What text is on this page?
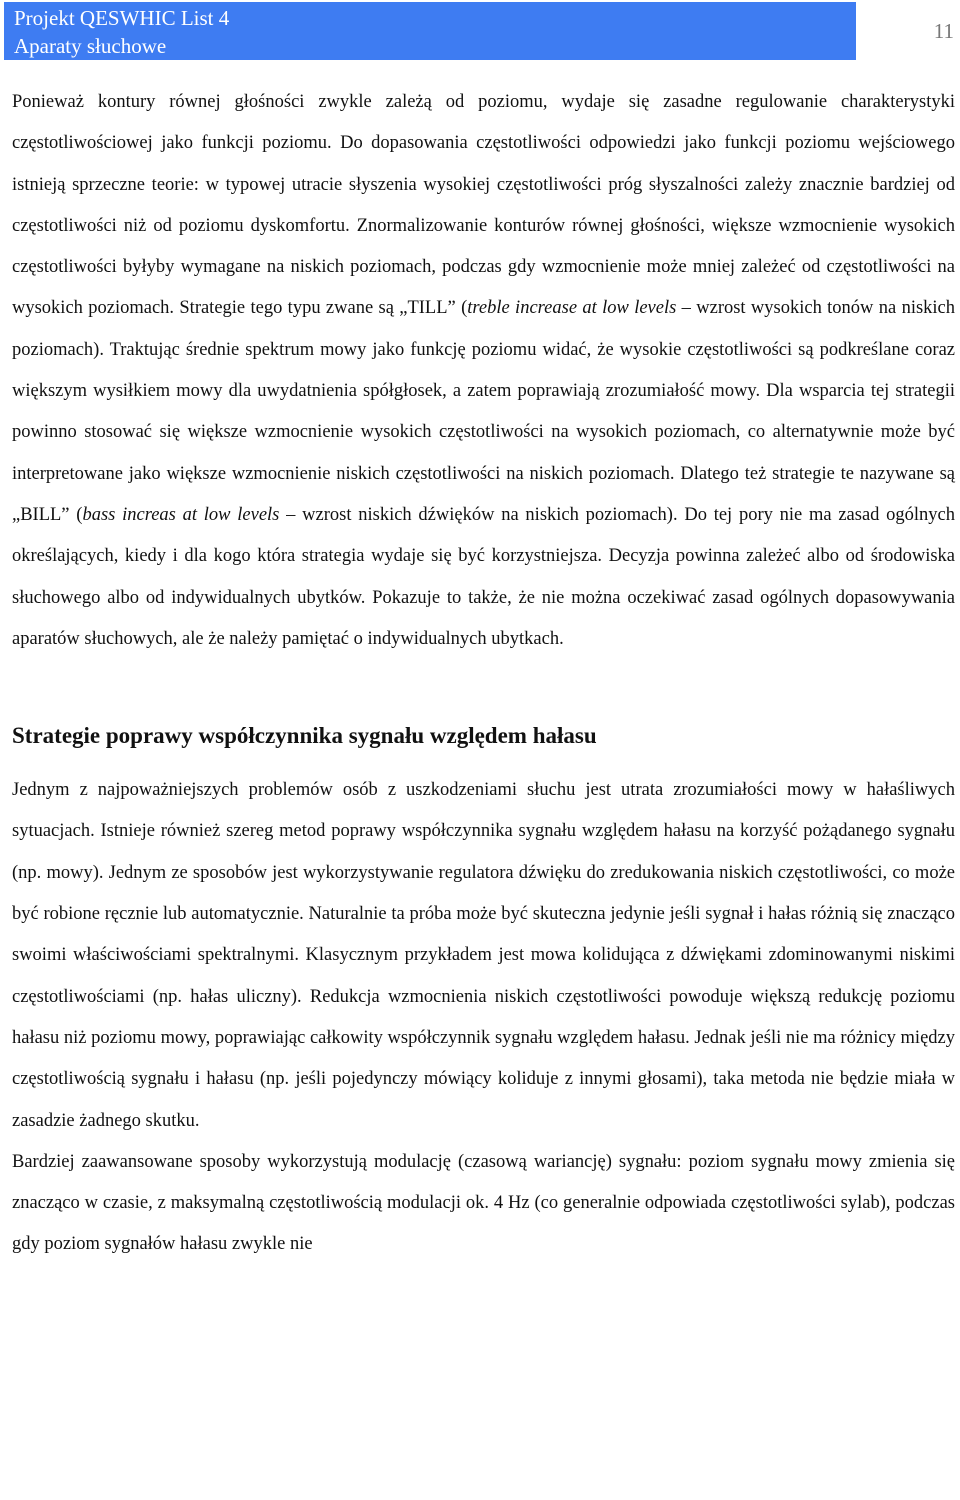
Projekt QESWHIC List 4
Aparaty słuchowe
11

Ponieważ kontury równej głośności zwykle zależą od poziomu, wydaje się zasadne regulowanie charakterystyki częstotliwościowej jako funkcji poziomu. Do dopasowania częstotliwości odpowiedzi jako funkcji poziomu wejściowego istnieją sprzeczne teorie: w typowej utracie słyszenia wysokiej częstotliwości próg słyszalności zależy znacznie bardziej od częstotliwości niż od poziomu dyskomfortu. Znormalizowanie konturów równej głośności, większe wzmocnienie wysokich częstotliwości byłyby wymagane na niskich poziomach, podczas gdy wzmocnienie może mniej zależeć od częstotliwości na wysokich poziomach. Strategie tego typu zwane są „TILL” (treble increase at low levels – wzrost wysokich tonów na niskich poziomach). Traktując średnie spektrum mowy jako funkcję poziomu widać, że wysokie częstotliwości są podkreślane coraz większym wysiłkiem mowy dla uwydatnienia spółgłosek, a zatem poprawiają zrozumiałość mowy. Dla wsparcia tej strategii powinno stosować się większe wzmocnienie wysokich częstotliwości na wysokich poziomach, co alternatywnie może być interpretowane jako większe wzmocnienie niskich częstotliwości na niskich poziomach. Dlatego też strategie te nazywane są „BILL” (bass increas at low levels – wzrost niskich dźwięków na niskich poziomach). Do tej pory nie ma zasad ogólnych określających, kiedy i dla kogo która strategia wydaje się być korzystniejsza. Decyzja powinna zależeć albo od środowiska słuchowego albo od indywidualnych ubytków. Pokazuje to także, że nie można oczekiwać zasad ogólnych dopasowywania aparatów słuchowych, ale że należy pamiętać o indywidualnych ubytkach.

Strategie poprawy współczynnika sygnału względem hałasu

Jednym z najpoważniejszych problemów osób z uszkodzeniami słuchu jest utrata zrozumiałości mowy w hałaśliwych sytuacjach. Istnieje również szereg metod poprawy współczynnika sygnału względem hałasu na korzyść pożądanego sygnału (np. mowy). Jednym ze sposobów jest wykorzystywanie regulatora dźwięku do zredukowania niskich częstotliwości, co może być robione ręcznie lub automatycznie. Naturalnie ta próba może być skuteczna jedynie jeśli sygnał i hałas różnią się znacząco swoimi właściwościami spektralnymi. Klasycznym przykładem jest mowa kolidująca z dźwiękami zdominowanymi niskimi częstotliwościami (np. hałas uliczny). Redukcja wzmocnienia niskich częstotliwości powoduje większą redukcję poziomu hałasu niż poziomu mowy, poprawiając całkowity współczynnik sygnału względem hałasu. Jednak jeśli nie ma różnicy między częstotliwością sygnału i hałasu (np. jeśli pojedynczy mówiący koliduje z innymi głosami), taka metoda nie będzie miała w zasadzie żadnego skutku.

Bardziej zaawansowane sposoby wykorzystują modulację (czasową wariancję) sygnału: poziom sygnału mowy zmienia się znacząco w czasie, z maksymalną częstotliwością modulacji ok. 4 Hz (co generalnie odpowiada częstotliwości sylab), podczas gdy poziom sygnałów hałasu zwykle nie
